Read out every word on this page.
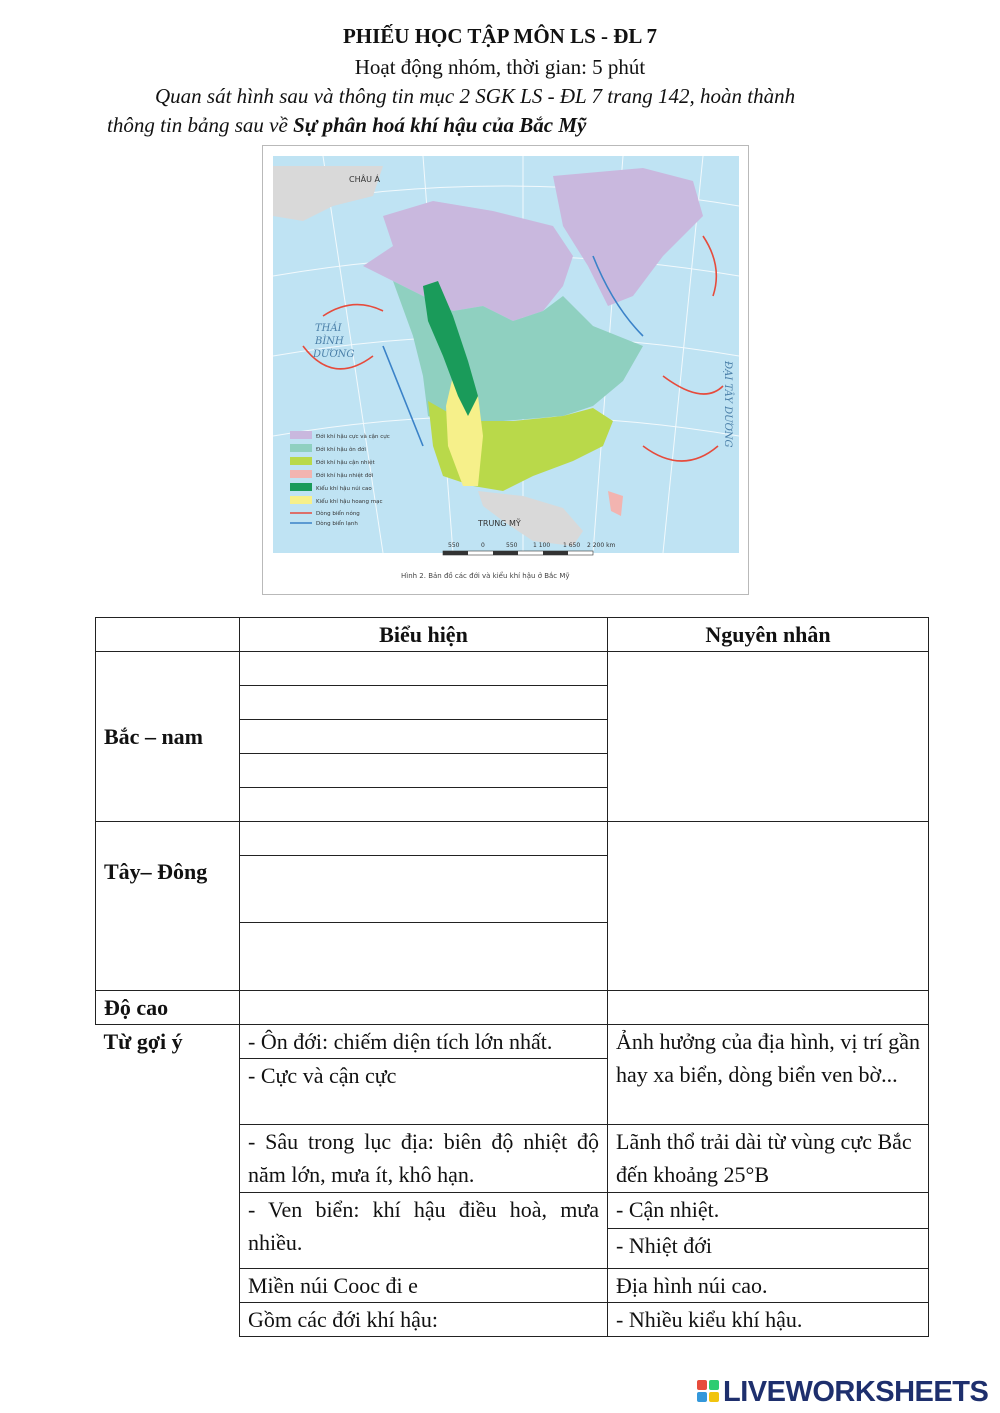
PHIẾU HỌC TẬP MÔN LS - ĐL 7
Hoạt động nhóm, thời gian: 5 phút
Quan sát hình sau và thông tin mục 2 SGK LS - ĐL 7 trang 142, hoàn thành
thông tin bảng sau về Sự phân hoá khí hậu của Bắc Mỹ
THÁI
BÌNH
DƯƠNG
ĐẠI TÂY DƯƠNG
CHÂU Á
TRUNG MỸ
Đới khí hậu cực và cận cực
Đới khí hậu ôn đới
Đới khí hậu cận nhiệt
Đới khí hậu nhiệt đới
Kiểu khí hậu núi cao
Kiểu khí hậu hoang mạc
Dòng biển nóng
Dòng biển lạnh
550	0	550	1 100 1 650 2 200 km
Hình 2. Bản đồ các đới và kiểu khí hậu ở Bắc Mỹ
	Biểu hiện	Nguyên nhân
Bắc – nam		

Tây– Đông		

Độ cao		
Từ gợi ý	- Ôn đới: chiếm diện tích lớn nhất.	Ảnh hưởng của địa hình, vị trí gần hay xa biển, dòng biển ven bờ...
	- Cực và cận cực	
	- Sâu trong lục địa: biên độ nhiệt độ năm lớn, mưa ít, khô hạn.	Lãnh thổ trải dài từ vùng cực Bắc đến khoảng 25°B
	- Ven biển: khí hậu điều hoà, mưa nhiều.	- Cận nhiệt.
		- Nhiệt đới
	Miền núi Cooc đi e	Địa hình núi cao.
	Gồm các đới khí hậu:	- Nhiều kiểu khí hậu.

LIVEWORKSHEETS
